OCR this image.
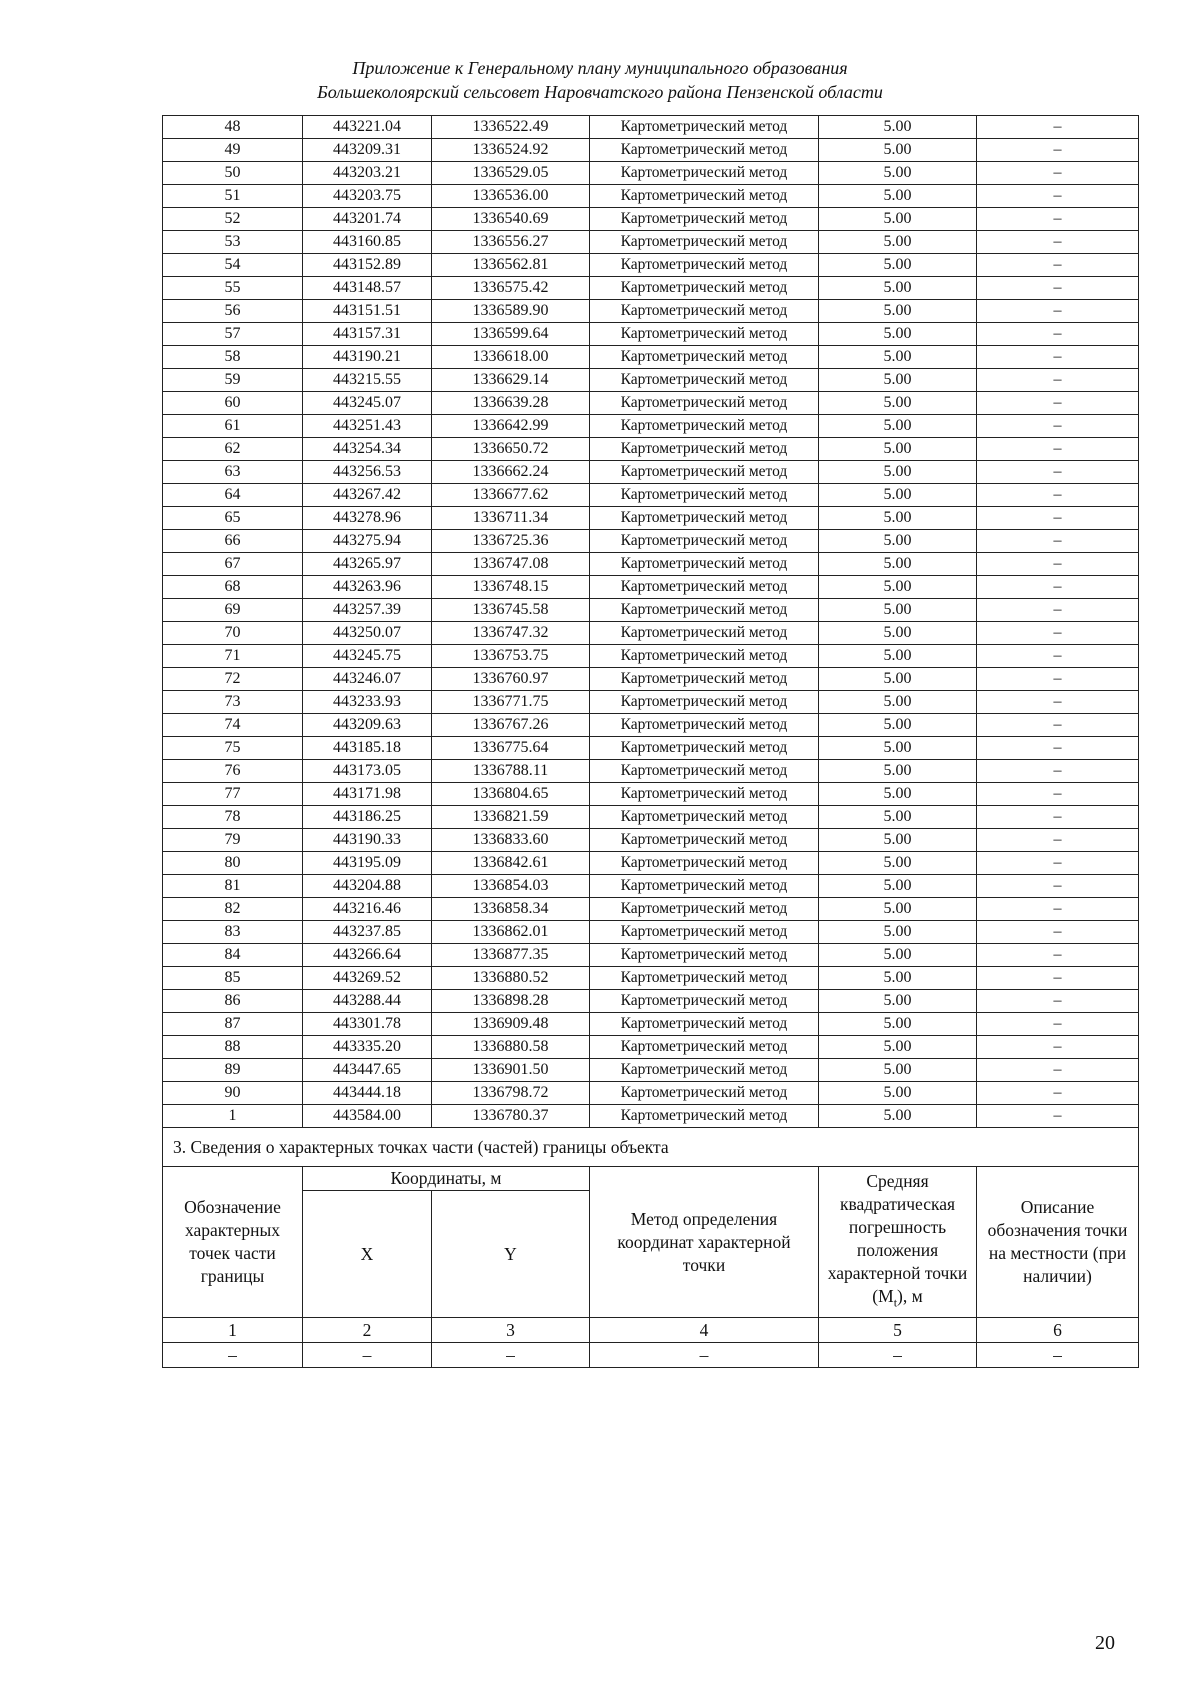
Приложение к Генеральному плану муниципального образования
Большеколоярский сельсовет Наровчатского района Пензенской области
48	443221.04	1336522.49	Картометрический метод	5.00	–
49	443209.31	1336524.92	Картометрический метод	5.00	–
50	443203.21	1336529.05	Картометрический метод	5.00	–
51	443203.75	1336536.00	Картометрический метод	5.00	–
52	443201.74	1336540.69	Картометрический метод	5.00	–
53	443160.85	1336556.27	Картометрический метод	5.00	–
54	443152.89	1336562.81	Картометрический метод	5.00	–
55	443148.57	1336575.42	Картометрический метод	5.00	–
56	443151.51	1336589.90	Картометрический метод	5.00	–
57	443157.31	1336599.64	Картометрический метод	5.00	–
58	443190.21	1336618.00	Картометрический метод	5.00	–
59	443215.55	1336629.14	Картометрический метод	5.00	–
60	443245.07	1336639.28	Картометрический метод	5.00	–
61	443251.43	1336642.99	Картометрический метод	5.00	–
62	443254.34	1336650.72	Картометрический метод	5.00	–
63	443256.53	1336662.24	Картометрический метод	5.00	–
64	443267.42	1336677.62	Картометрический метод	5.00	–
65	443278.96	1336711.34	Картометрический метод	5.00	–
66	443275.94	1336725.36	Картометрический метод	5.00	–
67	443265.97	1336747.08	Картометрический метод	5.00	–
68	443263.96	1336748.15	Картометрический метод	5.00	–
69	443257.39	1336745.58	Картометрический метод	5.00	–
70	443250.07	1336747.32	Картометрический метод	5.00	–
71	443245.75	1336753.75	Картометрический метод	5.00	–
72	443246.07	1336760.97	Картометрический метод	5.00	–
73	443233.93	1336771.75	Картометрический метод	5.00	–
74	443209.63	1336767.26	Картометрический метод	5.00	–
75	443185.18	1336775.64	Картометрический метод	5.00	–
76	443173.05	1336788.11	Картометрический метод	5.00	–
77	443171.98	1336804.65	Картометрический метод	5.00	–
78	443186.25	1336821.59	Картометрический метод	5.00	–
79	443190.33	1336833.60	Картометрический метод	5.00	–
80	443195.09	1336842.61	Картометрический метод	5.00	–
81	443204.88	1336854.03	Картометрический метод	5.00	–
82	443216.46	1336858.34	Картометрический метод	5.00	–
83	443237.85	1336862.01	Картометрический метод	5.00	–
84	443266.64	1336877.35	Картометрический метод	5.00	–
85	443269.52	1336880.52	Картометрический метод	5.00	–
86	443288.44	1336898.28	Картометрический метод	5.00	–
87	443301.78	1336909.48	Картометрический метод	5.00	–
88	443335.20	1336880.58	Картометрический метод	5.00	–
89	443447.65	1336901.50	Картометрический метод	5.00	–
90	443444.18	1336798.72	Картометрический метод	5.00	–
1	443584.00	1336780.37	Картометрический метод	5.00	–
3. Сведения о характерных точках части (частей) границы объекта					
Обозначение характерных точек части границы	Координаты, м		Метод определения координат характерной точки	Средняя квадратическая погрешность положения характерной точки $(M_t)$, м	Описание обозначения точки на местности (при наличии)
	X	Y			
1	2	3	4	5	6
–	–	–	–	–	–
20
